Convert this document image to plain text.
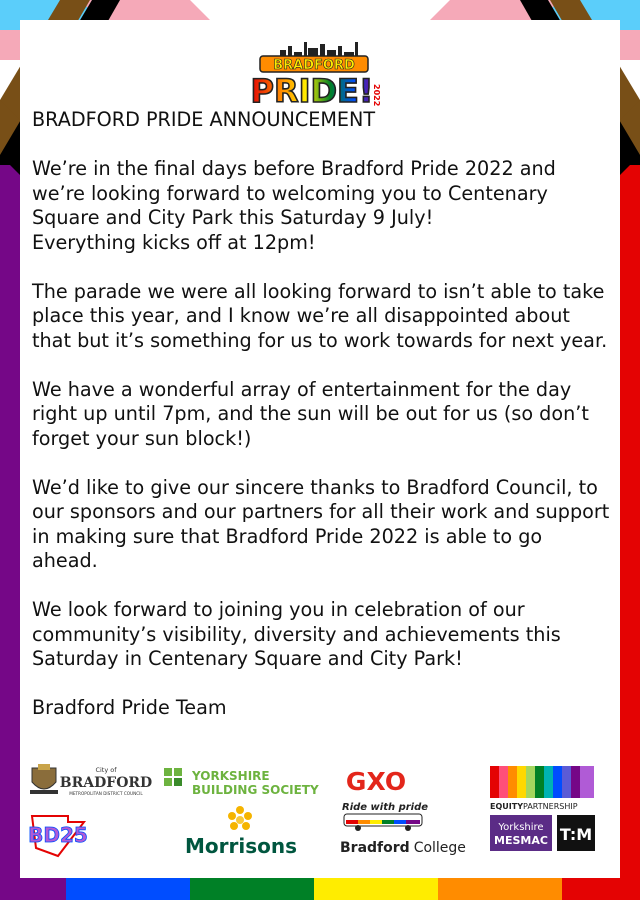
BRADFORD
PRIDE!
2022
BRADFORD PRIDE ANNOUNCEMENT

We’re in the final days before Bradford Pride 2022 and we’re looking forward to welcoming you to Centenary Square and City Park this Saturday 9 July!
Everything kicks off at 12pm!

The parade we were all looking forward to isn’t able to take place this year, and I know we’re all disappointed about that but it’s something for us to work towards for next year.

We have a wonderful array of entertainment for the day right up until 7pm, and the sun will be out for us (so don’t forget your sun block!)

We’d like to give our sincere thanks to Bradford Council, to our sponsors and our partners for all their work and support in making sure that Bradford Pride 2022 is able to go ahead.

We look forward to joining you in celebration of our community’s visibility, diversity and achievements this Saturday in Centenary Square and City Park!

Bradford Pride Team

City of
BRADFORD
METROPOLITAN DISTRICT COUNCIL
YORKSHIRE
BUILDING SOCIETY GXO
EQUITYPARTNERSHIP
BD25	Morrisons
Ride with pride
Bradford College
Yorkshire
MESMAC T:M
